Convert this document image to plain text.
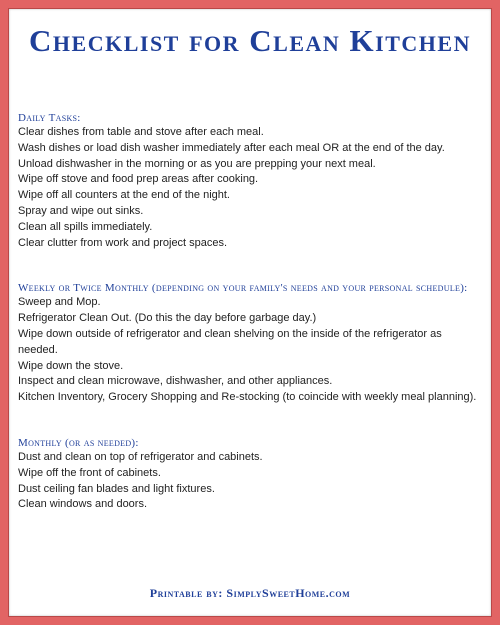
Checklist for Clean Kitchen
Daily Tasks:
Clear dishes from table and stove after each meal.
Wash dishes or load dish washer immediately after each meal OR at the end of the day.
Unload dishwasher in the morning or as you are prepping your next meal.
Wipe off stove and food prep areas after cooking.
Wipe off all counters at the end of the night.
Spray and wipe out sinks.
Clean all spills immediately.
Clear clutter from work and project spaces.
Weekly or Twice Monthly (depending on your family's needs and your personal schedule):
Sweep and Mop.
Refrigerator Clean Out. (Do this the day before garbage day.)
Wipe down outside of refrigerator and clean shelving on the inside of the refrigerator as needed.
Wipe down the stove.
Inspect and clean microwave, dishwasher, and other appliances.
Kitchen Inventory, Grocery Shopping and Re-stocking (to coincide with weekly meal planning).
Monthly (or as needed):
Dust and clean on top of refrigerator and cabinets.
Wipe off the front of cabinets.
Dust ceiling fan blades and light fixtures.
Clean windows and doors.
Printable by: SimplySweetHome.com
